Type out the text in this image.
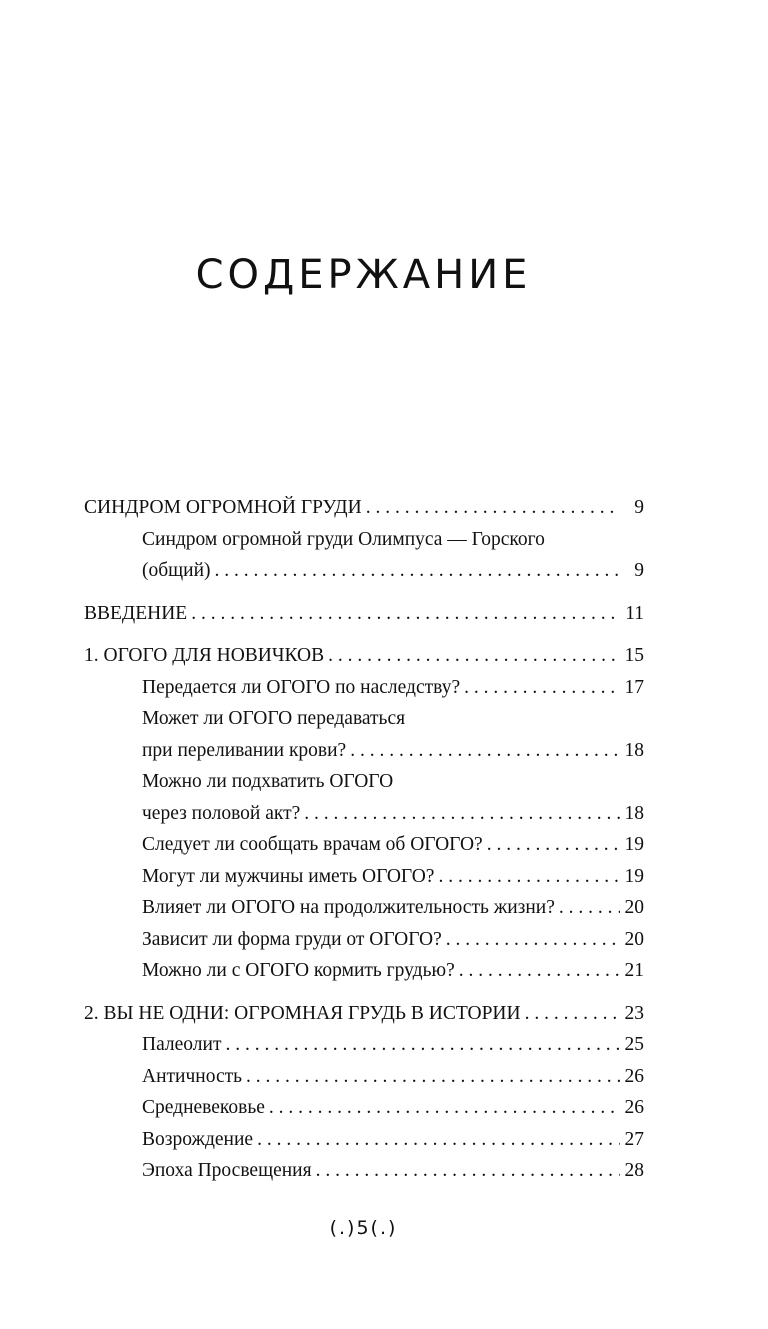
СОДЕРЖАНИЕ
СИНДРОМ ОГРОМНОЙ ГРУДИ . . .	9
Синдром огромной груди Олимпуса — Горского
(общий) . . .	9
ВВЕДЕНИЕ . . .	11
1. ОГОГО ДЛЯ НОВИЧКОВ . . .	15
Передается ли ОГОГО по наследству? . . .	17
Может ли ОГОГО передаваться
при переливании крови? . . .	18
Можно ли подхватить ОГОГО
через половой акт? . . .	18
Следует ли сообщать врачам об ОГОГО? . . .	19
Могут ли мужчины иметь ОГОГО? . . .	19
Влияет ли ОГОГО на продолжительность жизни? . . .	20
Зависит ли форма груди от ОГОГО? . . .	20
Можно ли с ОГОГО кормить грудью? . . .	21
2. ВЫ НЕ ОДНИ: ОГРОМНАЯ ГРУДЬ В ИСТОРИИ . . .	23
Палеолит . . .	25
Античность . . .	26
Средневековье . . .	26
Возрождение . . .	27
Эпоха Просвещения . . .	28
(.)5(.)
